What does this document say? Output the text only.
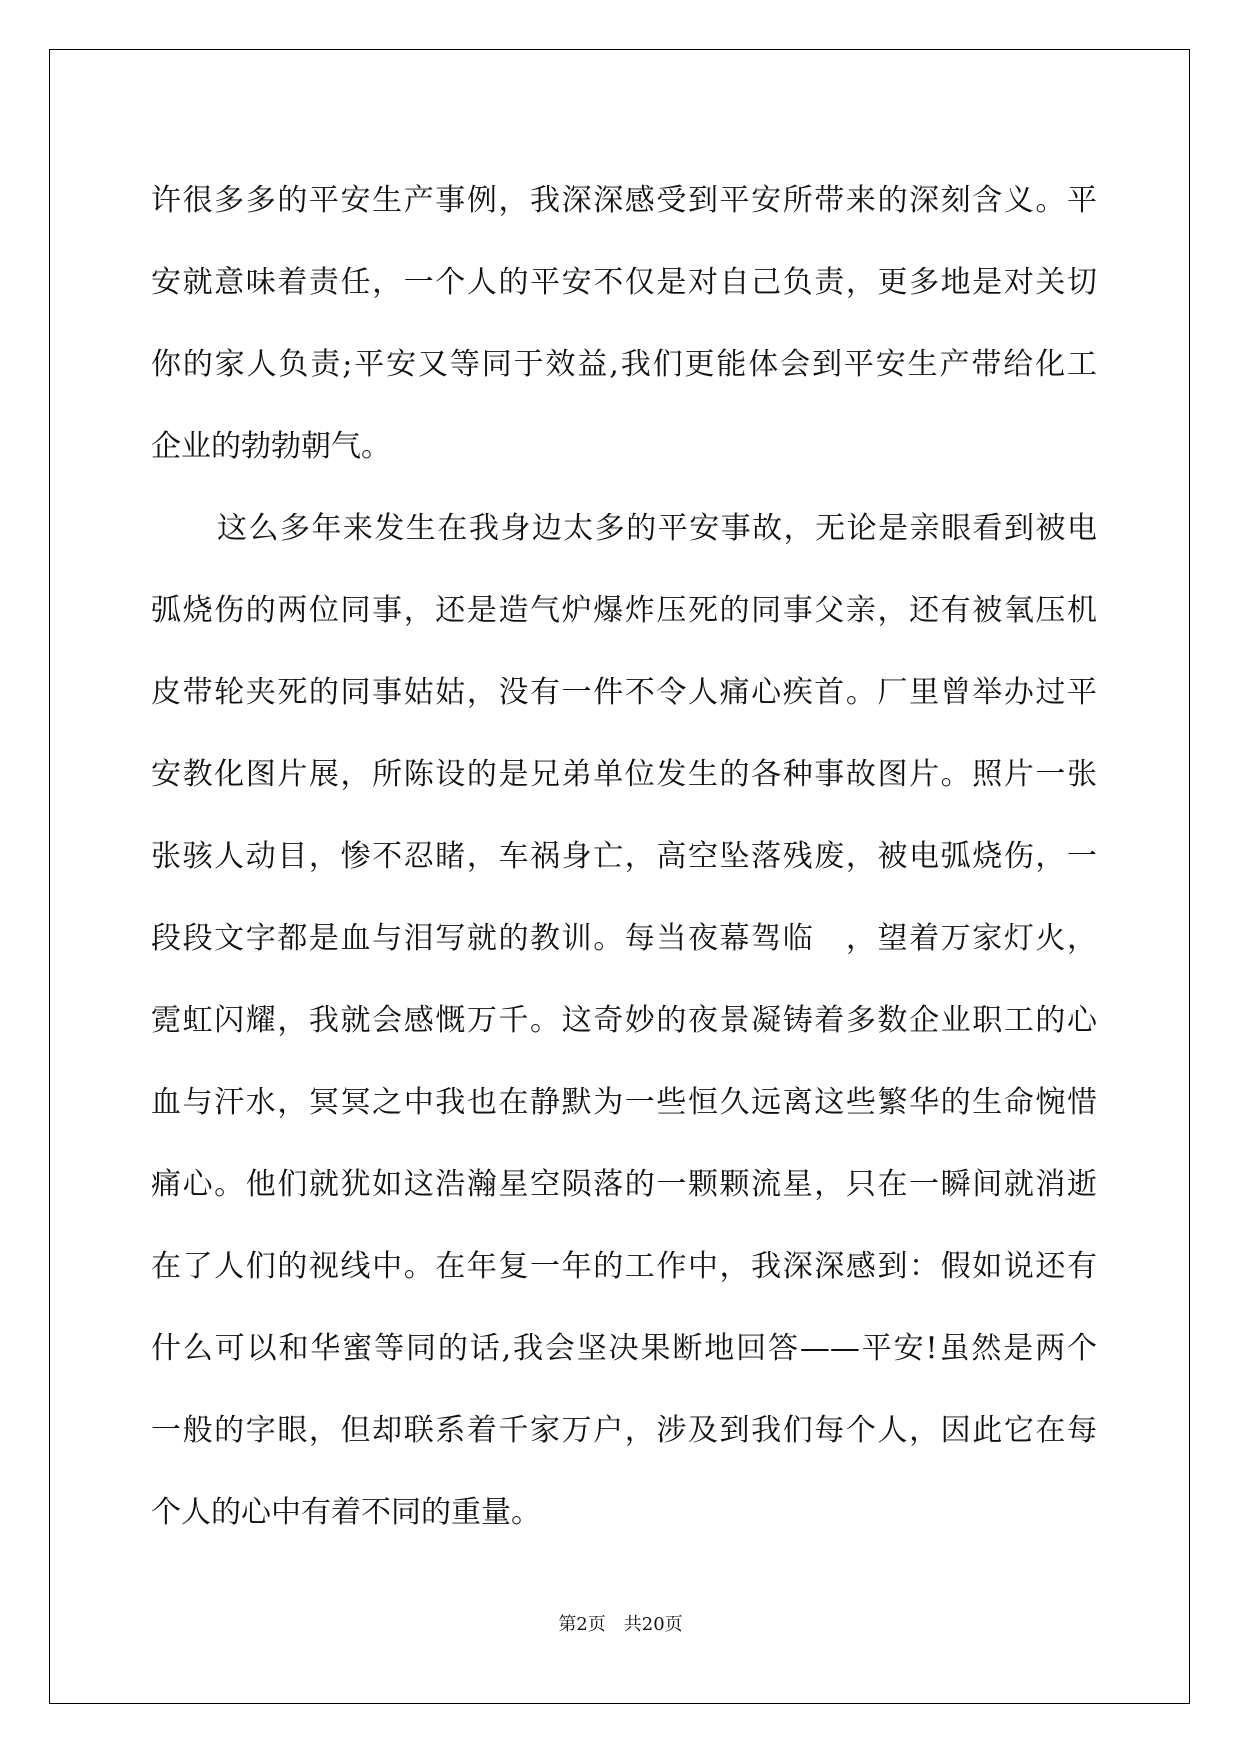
许很多多的平安生产事例，我深深感受到平安所带来的深刻含义。平
安就意味着责任，一个人的平安不仅是对自己负责，更多地是对关切
你的家人负责;平安又等同于效益,我们更能体会到平安生产带给化工
企业的勃勃朝气。
这么多年来发生在我身边太多的平安事故，无论是亲眼看到被电
弧烧伤的两位同事，还是造气炉爆炸压死的同事父亲，还有被氧压机
皮带轮夹死的同事姑姑，没有一件不令人痛心疾首。厂里曾举办过平
安教化图片展，所陈设的是兄弟单位发生的各种事故图片。照片一张
张骇人动目，惨不忍睹，车祸身亡，高空坠落残废，被电弧烧伤，一
段段文字都是血与泪写就的教训。每当夜幕驾临　，望着万家灯火，
霓虹闪耀，我就会感慨万千。这奇妙的夜景凝铸着多数企业职工的心
血与汗水，冥冥之中我也在静默为一些恒久远离这些繁华的生命惋惜
痛心。他们就犹如这浩瀚星空陨落的一颗颗流星，只在一瞬间就消逝
在了人们的视线中。在年复一年的工作中，我深深感到：假如说还有
什么可以和华蜜等同的话,我会坚决果断地回答——平安!虽然是两个
一般的字眼，但却联系着千家万户，涉及到我们每个人，因此它在每
个人的心中有着不同的重量。
第2页 共20页
